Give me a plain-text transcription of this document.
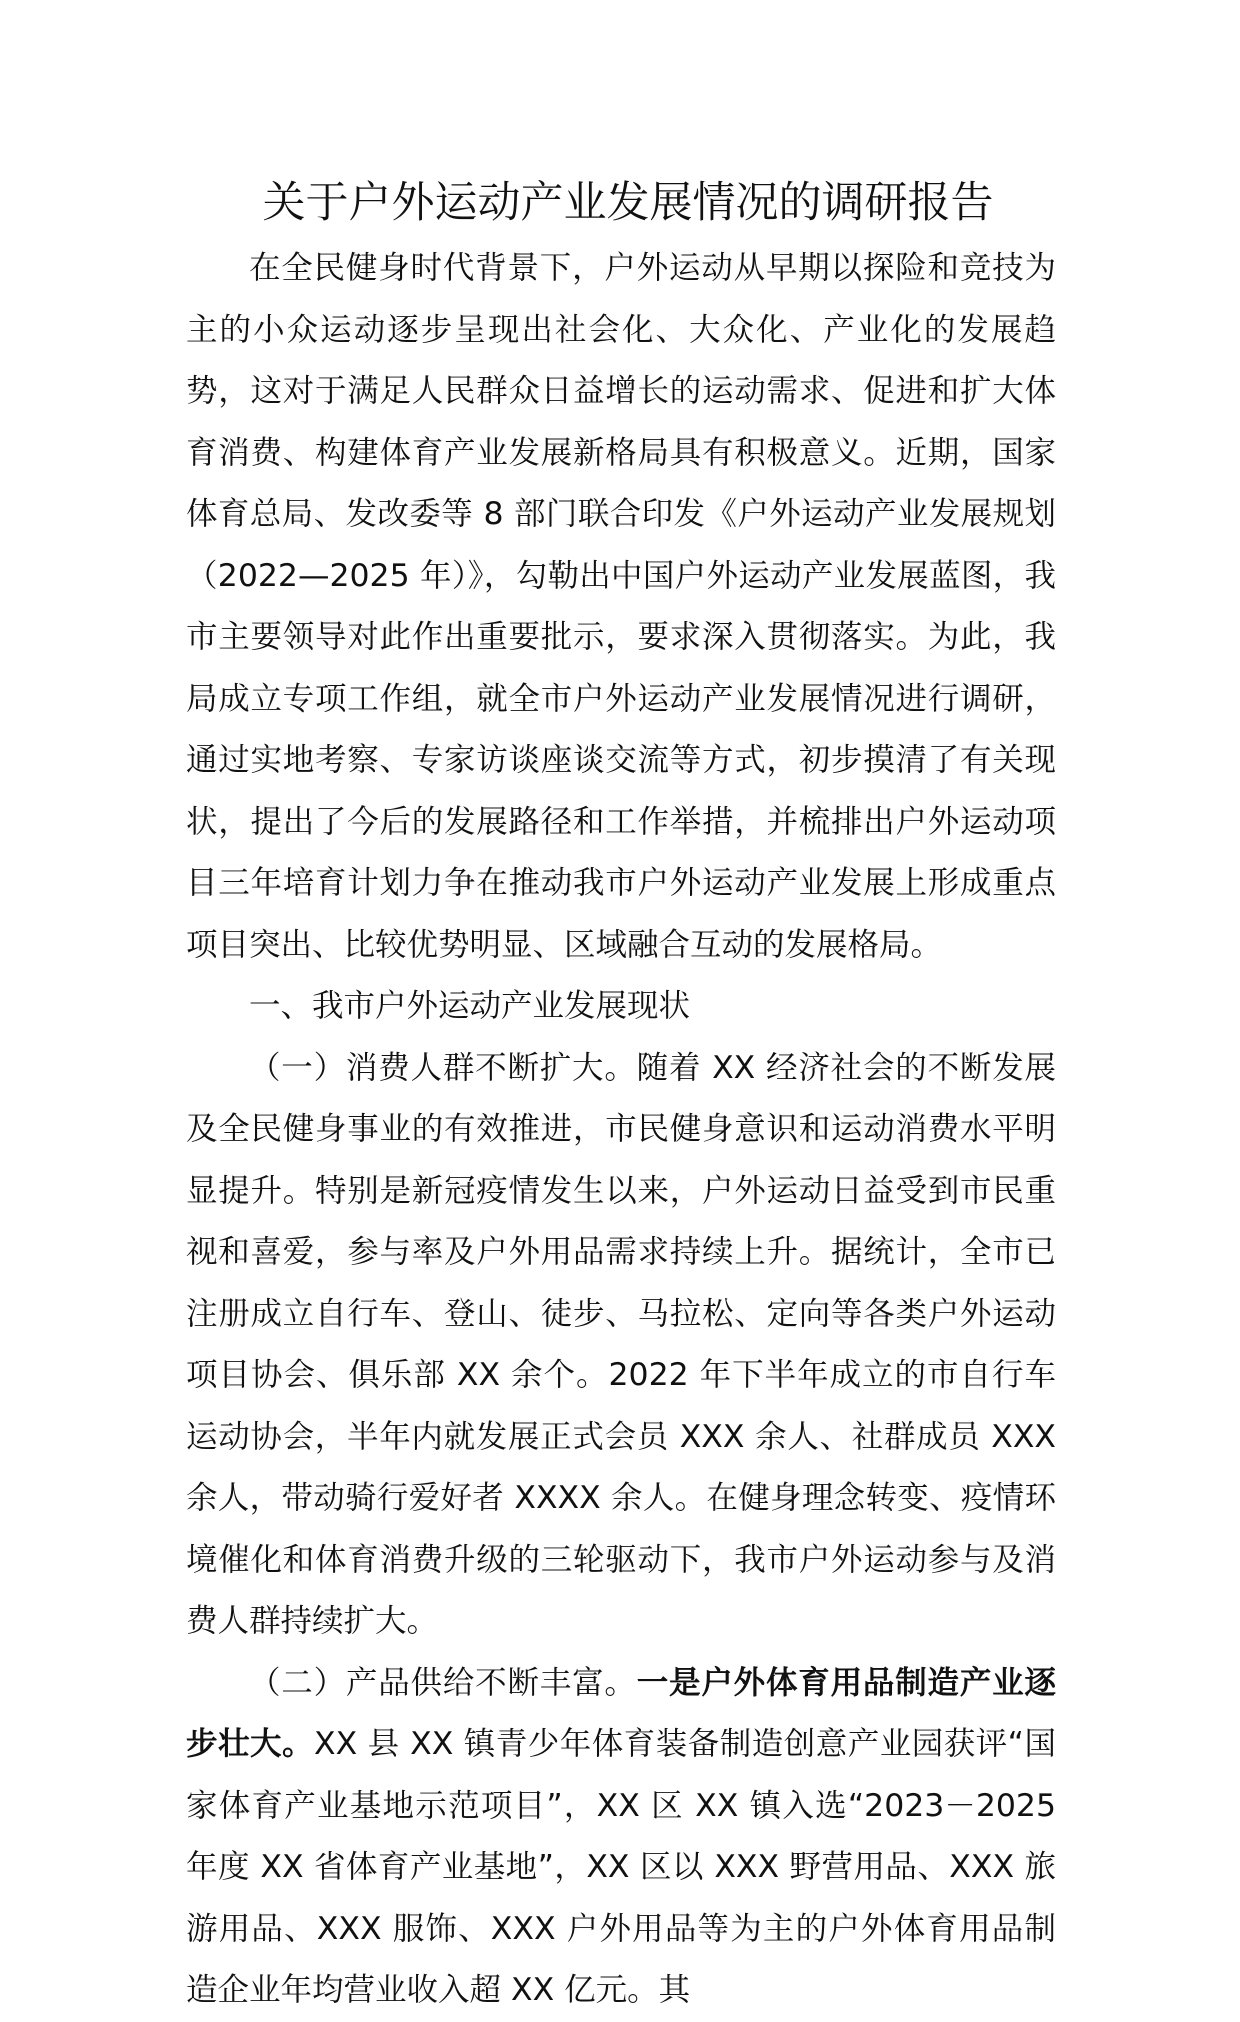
关于户外运动产业发展情况的调研报告

在全民健身时代背景下，户外运动从早期以探险和竞技为主的小众运动逐步呈现出社会化、大众化、产业化的发展趋势，这对于满足人民群众日益增长的运动需求、促进和扩大体育消费、构建体育产业发展新格局具有积极意义。近期，国家体育总局、发改委等 8 部门联合印发《户外运动产业发展规划（2022—2025 年）》，勾勒出中国户外运动产业发展蓝图，我市主要领导对此作出重要批示，要求深入贯彻落实。为此，我局成立专项工作组，就全市户外运动产业发展情况进行调研，通过实地考察、专家访谈座谈交流等方式，初步摸清了有关现状，提出了今后的发展路径和工作举措，并梳排出户外运动项目三年培育计划力争在推动我市户外运动产业发展上形成重点项目突出、比较优势明显、区域融合互动的发展格局。

一、我市户外运动产业发展现状

（一）消费人群不断扩大。随着 XX 经济社会的不断发展及全民健身事业的有效推进，市民健身意识和运动消费水平明显提升。特别是新冠疫情发生以来，户外运动日益受到市民重视和喜爱，参与率及户外用品需求持续上升。据统计，全市已注册成立自行车、登山、徒步、马拉松、定向等各类户外运动项目协会、俱乐部 XX 余个。2022 年下半年成立的市自行车运动协会，半年内就发展正式会员 XXX 余人、社群成员 XXX 余人，带动骑行爱好者 XXXX 余人。在健身理念转变、疫情环境催化和体育消费升级的三轮驱动下，我市户外运动参与及消费人群持续扩大。

（二）产品供给不断丰富。一是户外体育用品制造产业逐步壮大。XX 县 XX 镇青少年体育装备制造创意产业园获评“国家体育产业基地示范项目”，XX 区 XX 镇入选“2023－2025 年度 XX 省体育产业基地”，XX 区以 XXX 野营用品、XXX 旅游用品、XXX 服饰、XXX 户外用品等为主的户外体育用品制造企业年均营业收入超 XX 亿元。其
